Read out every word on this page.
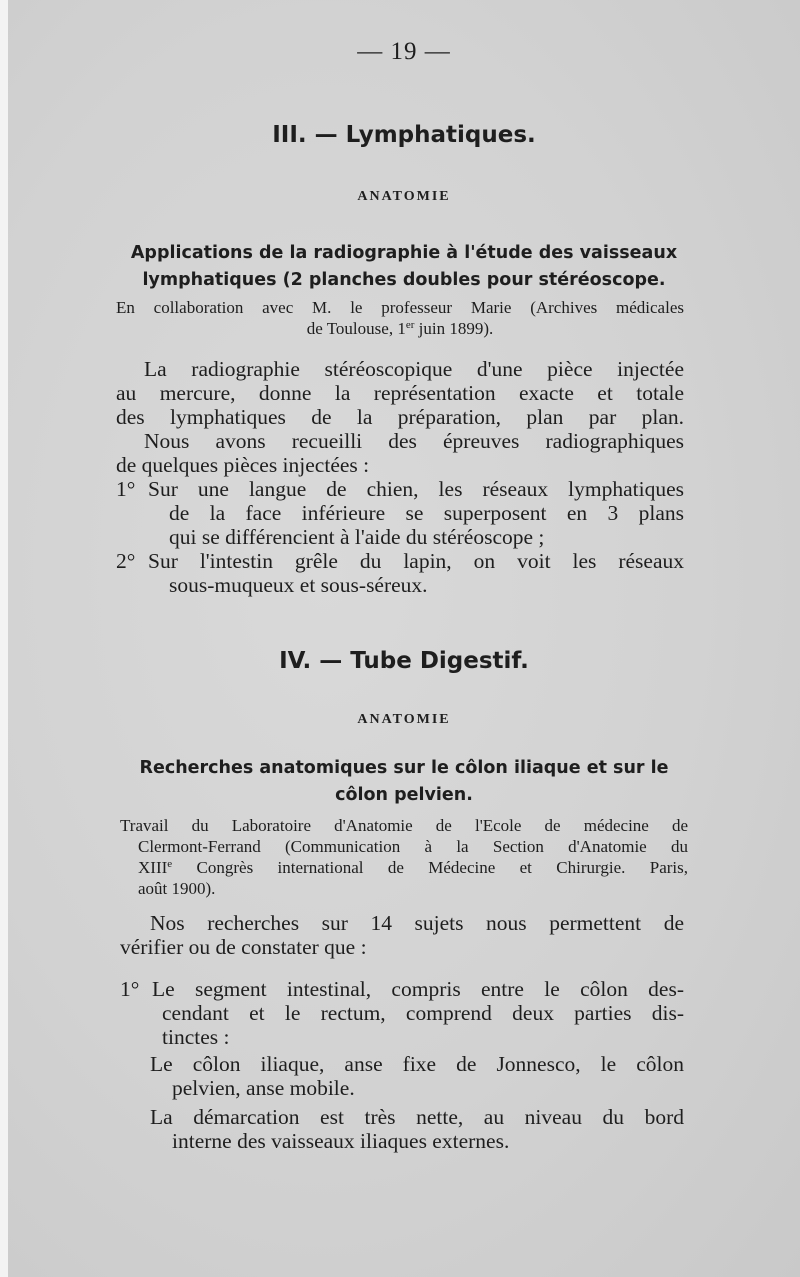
— 19 —
III. — Lymphatiques.
ANATOMIE
Applications de la radiographie à l'étude des vaisseaux
lymphatiques (2 planches doubles pour stéréoscope.
En collaboration avec M. le professeur Marie (Archives médicales
de Toulouse, 1er juin 1899).
La radiographie stéréoscopique d'une pièce injectée
au mercure, donne la représentation exacte et totale
des lymphatiques de la préparation, plan par plan.
Nous avons recueilli des épreuves radiographiques
de quelques pièces injectées :
1° Sur une langue de chien, les réseaux lymphatiques
de la face inférieure se superposent en 3 plans
qui se différencient à l'aide du stéréoscope ;
2° Sur l'intestin grêle du lapin, on voit les réseaux
sous-muqueux et sous-séreux.
IV. — Tube Digestif.
ANATOMIE
Recherches anatomiques sur le côlon iliaque et sur le
côlon pelvien.
Travail du Laboratoire d'Anatomie de l'Ecole de médecine de
Clermont-Ferrand (Communication à la Section d'Anatomie du
XIIIe Congrès international de Médecine et Chirurgie. Paris,
août 1900).
Nos recherches sur 14 sujets nous permettent de
vérifier ou de constater que :
1° Le segment intestinal, compris entre le côlon des-
cendant et le rectum, comprend deux parties dis-
tinctes :
Le côlon iliaque, anse fixe de Jonnesco, le côlon
pelvien, anse mobile.
La démarcation est très nette, au niveau du bord
interne des vaisseaux iliaques externes.
